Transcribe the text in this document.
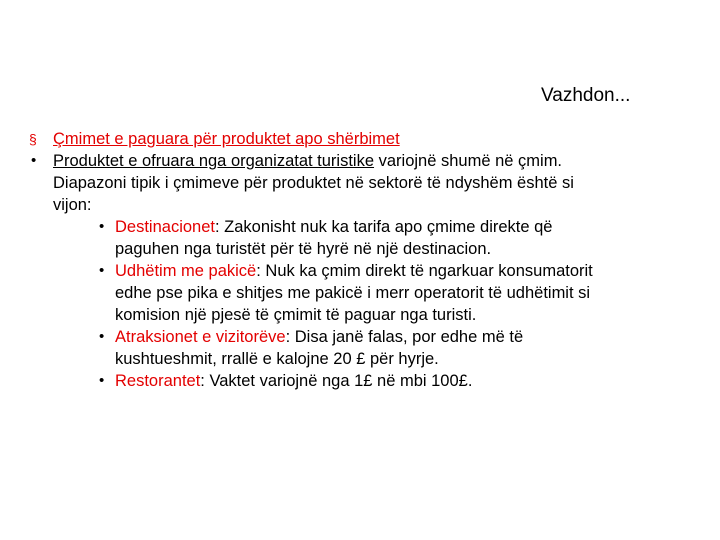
Vazhdon...
§ Çmimet e paguara për produktet apo shërbimet
• Produktet e ofruara nga organizatat turistike variojnë shumë në çmim.
Diapazoni tipik i çmimeve për produktet në sektorë të ndyshëm është si
vijon:
• Destinacionet: Zakonisht nuk ka tarifa apo çmime direkte që
paguhen nga turistët për të hyrë në një destinacion.
• Udhëtim me pakicë: Nuk ka çmim direkt të ngarkuar konsumatorit
edhe pse pika e shitjes me pakicë i merr operatorit të udhëtimit si
komision një pjesë të çmimit të paguar nga turisti.
• Atraksionet e vizitorëve: Disa janë falas, por edhe më të
kushtueshmit, rrallë e kalojne 20 £ për hyrje.
• Restorantet: Vaktet variojnë nga 1£ në mbi 100£.
